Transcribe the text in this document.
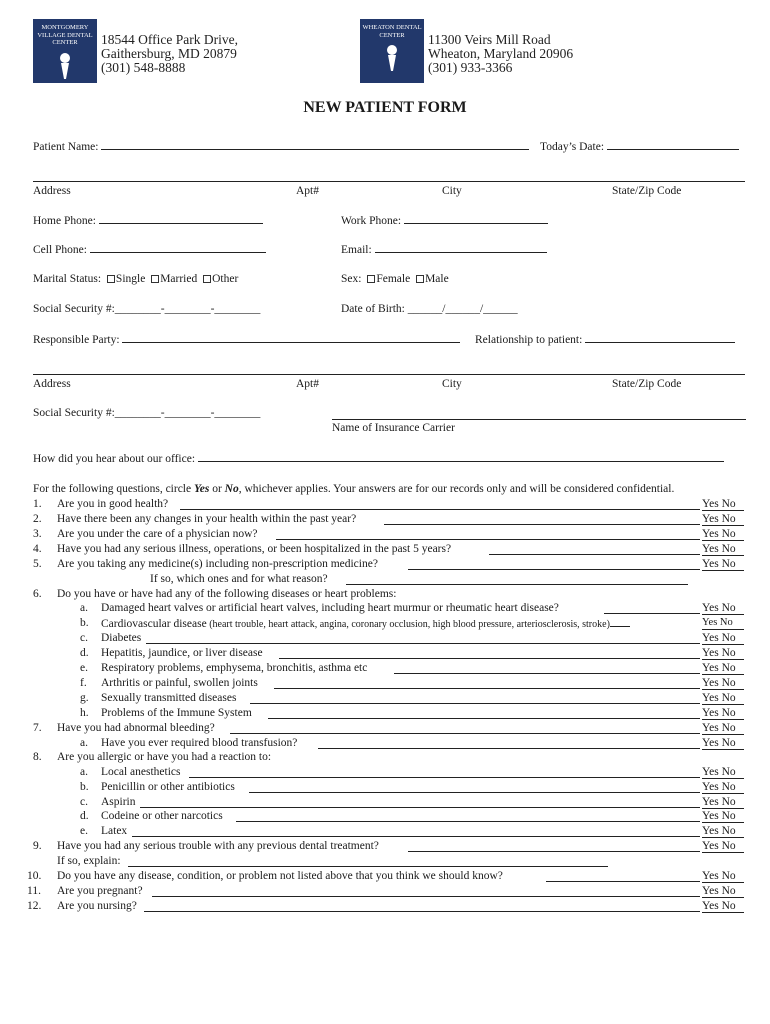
MONTGOMERY VILLAGE DENTAL CENTER	18544 Office Park Drive,
Gaithersburg, MD 20879
(301) 548-8888
WHEATON DENTAL CENTER	11300 Veirs Mill Road
Wheaton, Maryland 20906
(301) 933-3366
NEW PATIENT FORM
Patient Name:	Today’s Date:
Address	Apt#	City	State/Zip Code
Home Phone:	Work Phone:
Cell Phone:	Email:
Marital Status: Single Married Other	Sex: Female Male
Social Security #:________-________-________	Date of Birth: ______/______/______
Responsible Party:	Relationship to patient:
Address	Apt#	City	State/Zip Code
Social Security #:________-________-________
Name of Insurance Carrier
How did you hear about our office:
For the following questions, circle Yes or No, whichever applies. Your answers are for our records only and will be considered confidential.
1. Are you in good health?	Yes No
2. Have there been any changes in your health within the past year?	Yes No
3. Are you under the care of a physician now?	Yes No
4. Have you had any serious illness, operations, or been hospitalized in the past 5 years?	Yes No
5. Are you taking any medicine(s) including non-prescription medicine?	Yes No
If so, which ones and for what reason?
6. Do you have or have had any of the following diseases or heart problems:
a. Damaged heart valves or artificial heart valves, including heart murmur or rheumatic heart disease?	Yes No
b. Cardiovascular disease (heart trouble, heart attack, angina, coronary occlusion, high blood pressure, arteriosclerosis, stroke)	Yes No
c. Diabetes	Yes No
d. Hepatitis, jaundice, or liver disease	Yes No
e. Respiratory problems, emphysema, bronchitis, asthma etc	Yes No
f. Arthritis or painful, swollen joints	Yes No
g. Sexually transmitted diseases	Yes No
h. Problems of the Immune System	Yes No
7. Have you had abnormal bleeding?	Yes No
a. Have you ever required blood transfusion?	Yes No
8. Are you allergic or have you had a reaction to:
a. Local anesthetics	Yes No
b. Penicillin or other antibiotics	Yes No
c. Aspirin	Yes No
d. Codeine or other narcotics	Yes No
e. Latex	Yes No
9. Have you had any serious trouble with any previous dental treatment?	Yes No
If so, explain:
10. Do you have any disease, condition, or problem not listed above that you think we should know?	Yes No
11. Are you pregnant?	Yes No
12. Are you nursing?	Yes No
